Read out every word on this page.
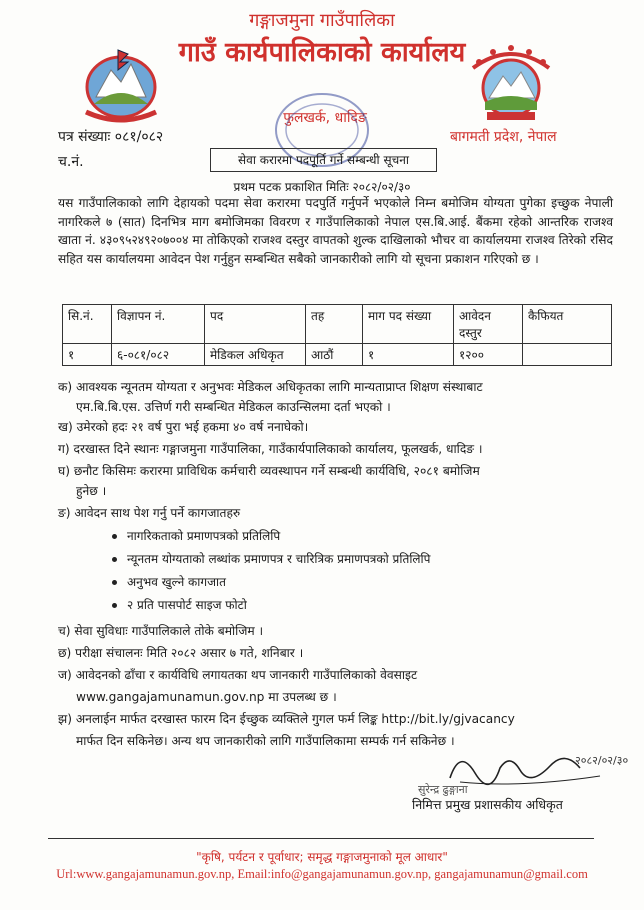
गङ्गाजमुना गाउँपालिका
गाउँ कार्यपालिकाको कार्यालय
फुलखर्क, धादिङ
पत्र संख्याः ०८१/०८२
च.नं.
बागमती प्रदेश, नेपाल
सेवा करारमा पदपूर्ति गर्ने सम्बन्धी सूचना
प्रथम पटक प्रकाशित मितिः २०८२/०२/३०
यस गाउँपालिकाको लागि देहायको पदमा सेवा करारमा पदपुर्ति गर्नुपर्ने भएकोले निम्न बमोजिम योग्यता पुगेका इच्छुक नेपाली नागरिकले ७ (सात) दिनभित्र माग बमोजिमका विवरण र गाउँपालिकाको नेपाल एस.बि.आई. बैंकमा रहेको आन्तरिक राजश्व खाता नं. ४३०९५२४९२०७००४ मा तोकिएको राजश्व दस्तुर वापतको शुल्क दाखिलाको भौचर वा कार्यालयमा राजश्व तिरेको रसिद सहित यस कार्यालयमा आवेदन पेश गर्नुहुन सम्बन्धित सबैको जानकारीको लागि यो सूचना प्रकाशन गरिएको छ ।
सि.नं.	विज्ञापन नं.	पद	तह	माग पद संख्या	आवेदन दस्तुर	कैफियत
१	६-०८१/०८२	मेडिकल अधिकृत	आठौं	१	१२००	
क) आवश्यक न्यूनतम योग्यता र अनुभवः मेडिकल अधिकृतका लागि मान्यताप्राप्त शिक्षण संस्थाबाट
एम.बि.बि.एस. उत्तिर्ण गरी सम्बन्धित मेडिकल काउन्सिलमा दर्ता भएको ।
ख) उमेरको हदः २१ वर्ष पुरा भई हकमा ४० वर्ष ननाघेको।
ग) दरखास्त दिने स्थानः गङ्गाजमुना गाउँपालिका, गाउँकार्यपालिकाको कार्यालय, फूलखर्क, धादिङ ।
घ) छनौट किसिमः करारमा प्राविधिक कर्मचारी व्यवस्थापन गर्ने सम्बन्धी कार्यविधि, २०८१ बमोजिम
हुनेछ ।
ङ) आवेदन साथ पेश गर्नु पर्ने कागजातहरु
नागरिकताको प्रमाणपत्रको प्रतिलिपि
न्यूनतम योग्यताको लब्धांक प्रमाणपत्र र चारित्रिक प्रमाणपत्रको प्रतिलिपि
अनुभव खुल्ने कागजात
२ प्रति पासपोर्ट साइज फोटो
च) सेवा सुविधाः गाउँपालिकाले तोके बमोजिम ।
छ) परीक्षा संचालनः मिति २०८२ असार ७ गते, शनिबार ।
ज) आवेदनको ढाँचा र कार्यविधि लगायतका थप जानकारी गाउँपालिकाको वेवसाइट
www.gangajamunamun.gov.np मा उपलब्ध छ ।
झ) अनलाईन मार्फत दरखास्त फारम दिन ईच्छुक व्यक्तिले गुगल फर्म लिङ्क http://bit.ly/gjvacancy
मार्फत दिन सकिनेछ। अन्य थप जानकारीको लागि गाउँपालिकामा सम्पर्क गर्न सकिनेछ ।
२०८२/०२/३०
सुरेन्द्र ढुङ्गाना
निमित्त प्रमुख प्रशासकीय अधिकृत
"कृषि, पर्यटन र पूर्वाधार; समृद्ध गङ्गाजमुनाको मूल आधार"
Url:www.gangajamunamun.gov.np, Email:info@gangajamunamun.gov.np, gangajamunamun@gmail.com
